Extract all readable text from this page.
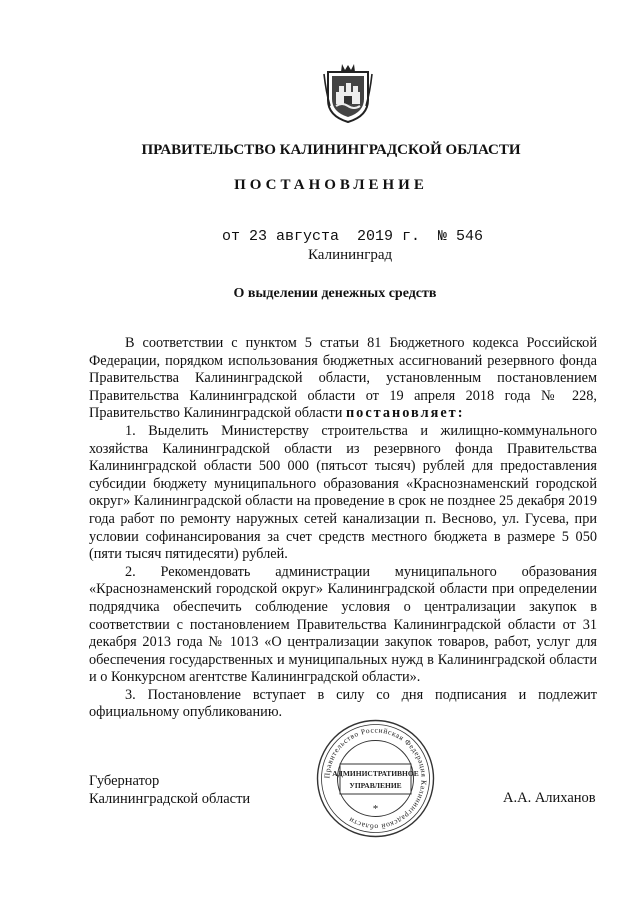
ПРАВИТЕЛЬСТВО КАЛИНИНГРАДСКОЙ ОБЛАСТИ
ПОСТАНОВЛЕНИЕ
от 23 августа  2019 г.  № 546
Калининград
О выделении денежных средств

В соответствии с пунктом 5 статьи 81 Бюджетного кодекса Российской Федерации, порядком использования бюджетных ассигнований резервного фонда Правительства Калининградской области, установленным постановлением Правительства Калининградской области от 19 апреля 2018 года № 228, Правительство Калининградской области постановляет:

1. Выделить Министерству строительства и жилищно-коммунального хозяйства Калининградской области из резервного фонда Правительства Калининградской области 500 000 (пятьсот тысяч) рублей для предоставления субсидии бюджету муниципального образования «Краснознаменский городской округ» Калининградской области на проведение в срок не позднее 25 декабря 2019 года работ по ремонту наружных сетей канализации п. Весново, ул. Гусева, при условии софинансирования за счет средств местного бюджета в размере 5 050 (пяти тысяч пятидесяти) рублей.

2. Рекомендовать администрации муниципального образования «Краснознаменский городской округ» Калининградской области при определении подрядчика обеспечить соблюдение условия о централизации закупок в соответствии с постановлением Правительства Калининградской области от 31 декабря 2013 года № 1013 «О централизации закупок товаров, работ, услуг для обеспечения государственных и муниципальных нужд в Калининградской области и о Конкурсном агентстве Калининградской области».

3. Постановление вступает в силу со дня подписания и подлежит официальному опубликованию.

Губернатор
Калининградской области	А.А. Алиханов
Правительство Российская Федерация Калининградской области
АДМИНИСТРАТИВНОЕ
УПРАВЛЕНИЕ
*
